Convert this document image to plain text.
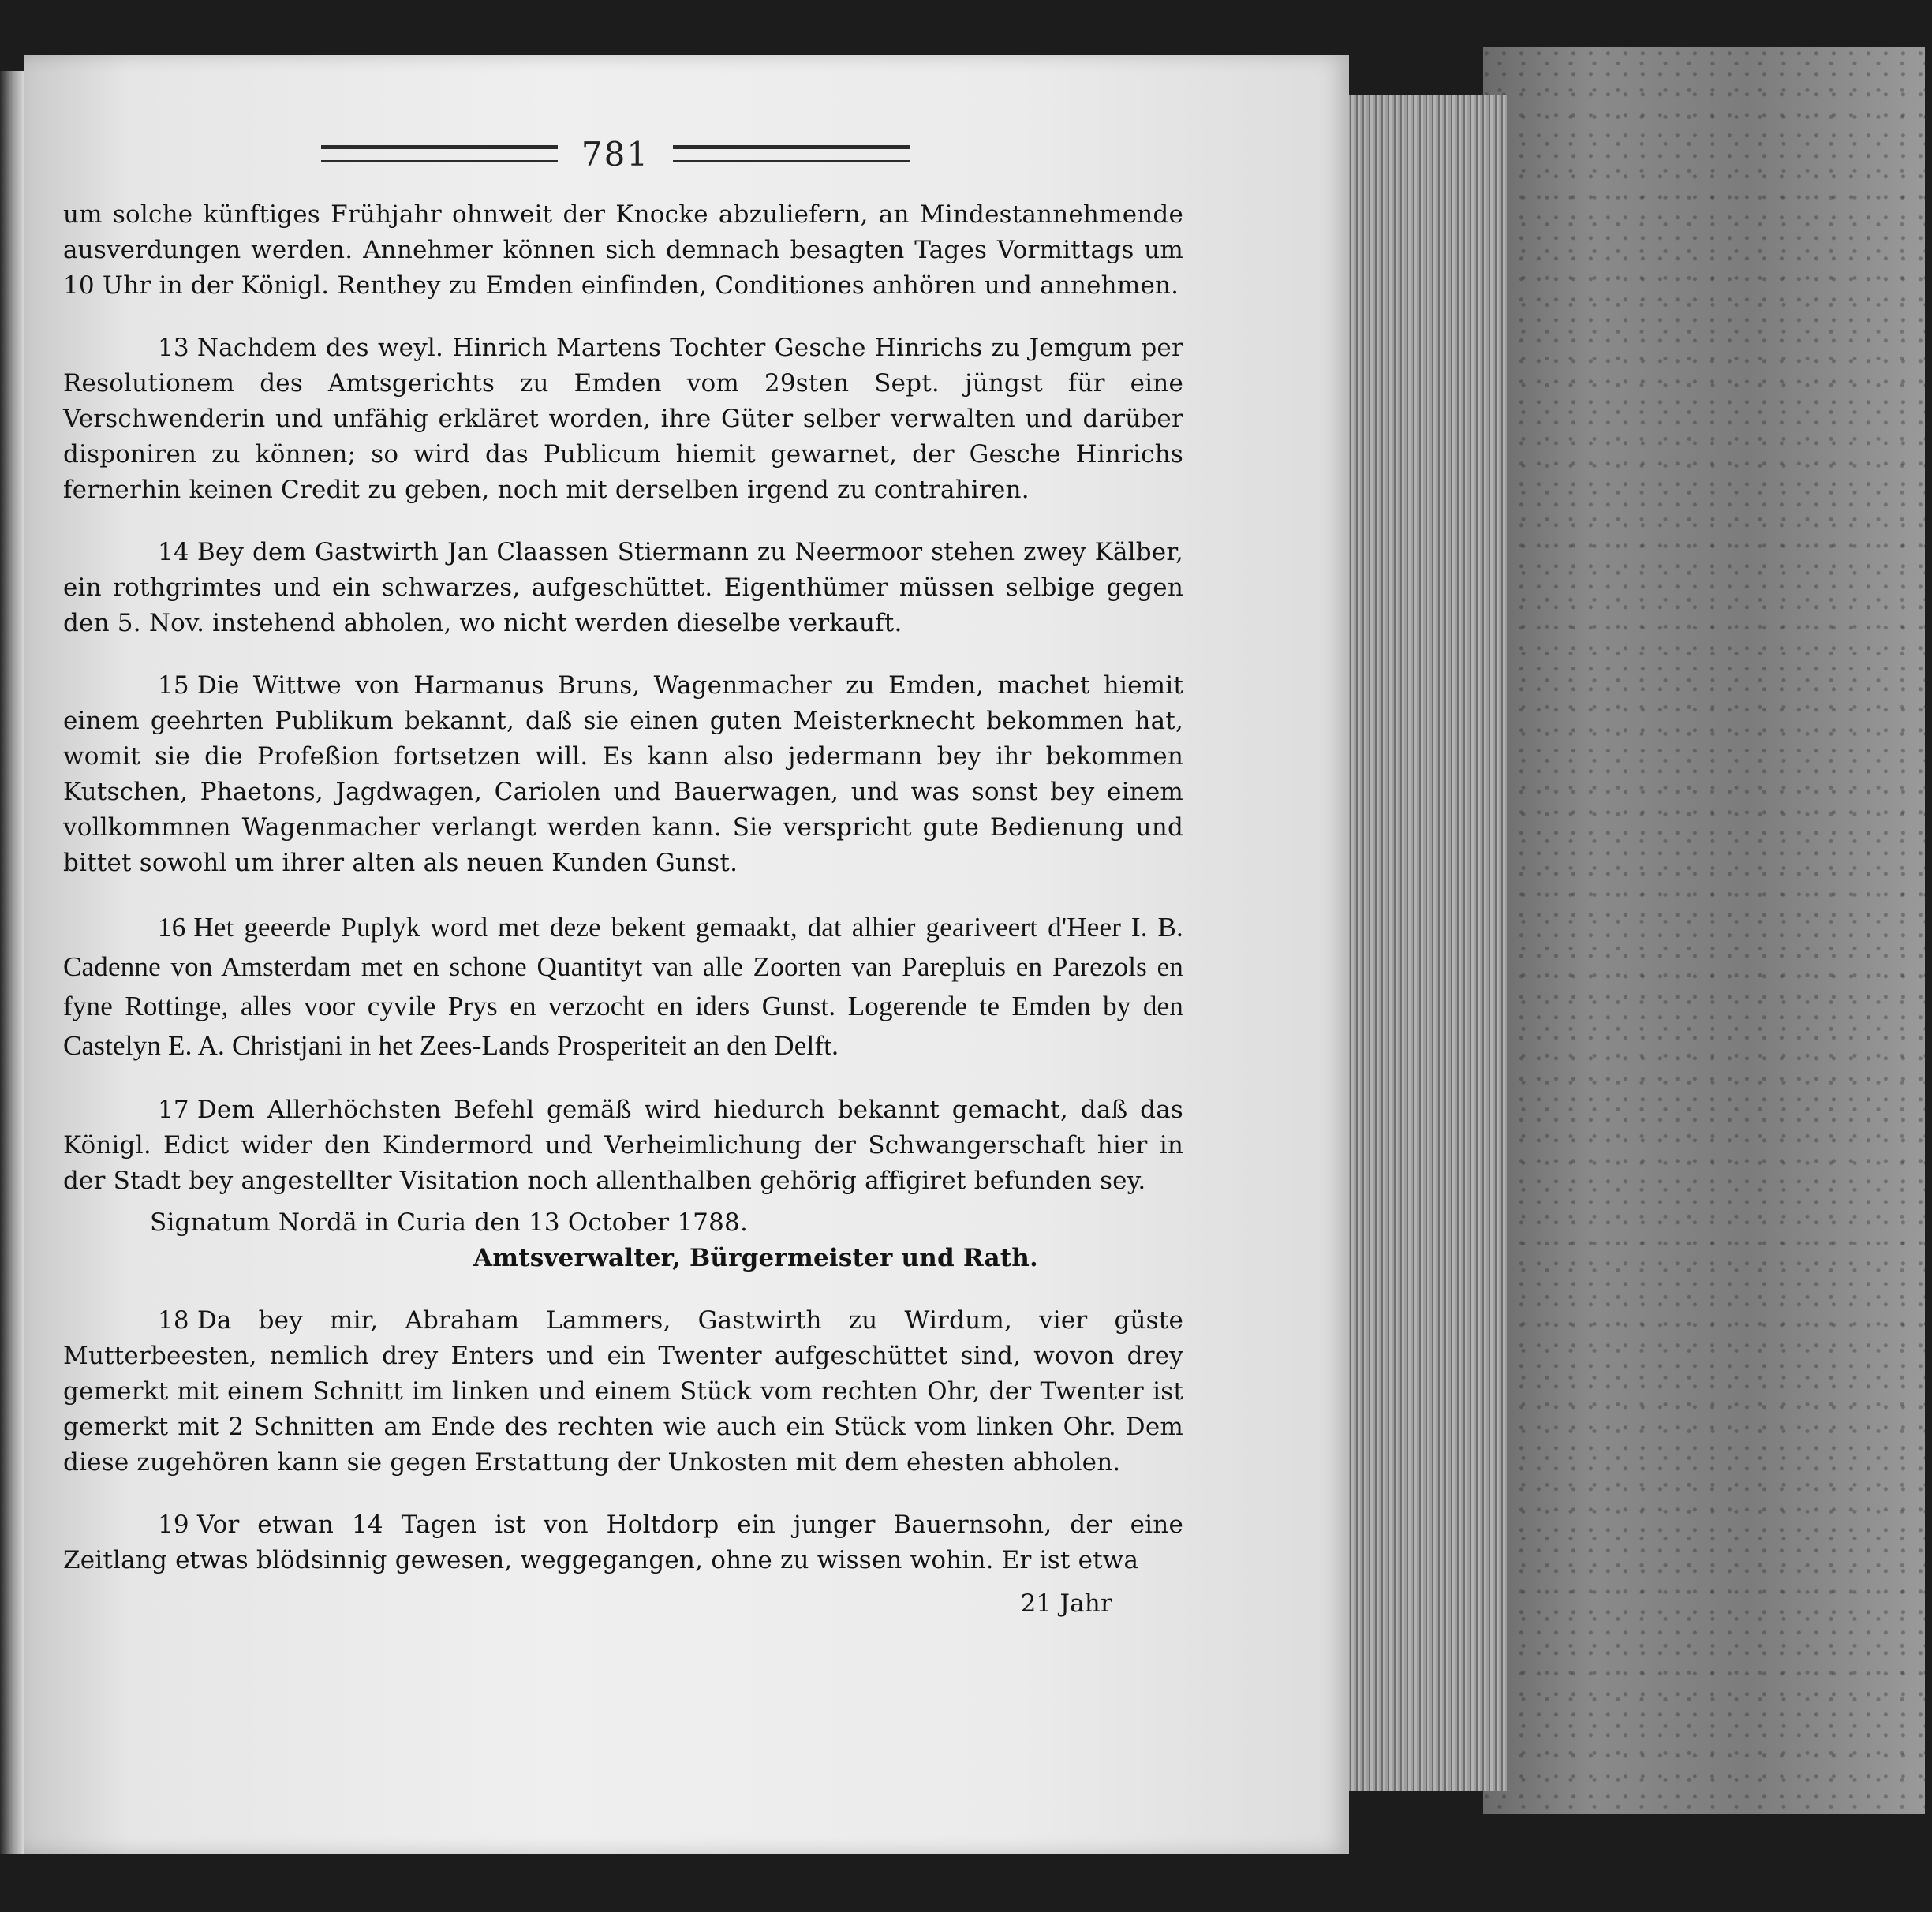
781

um solche künftiges Frühjahr ohnweit der Knocke abzuliefern, an Mindestannehmende ausverdungen werden. Annehmer können sich demnach besagten Tages Vormittags um 10 Uhr in der Königl. Renthey zu Emden einfinden, Conditiones anhören und annehmen.

13 Nachdem des weyl. Hinrich Martens Tochter Gesche Hinrichs zu Jemgum per Resolutionem des Amtsgerichts zu Emden vom 29sten Sept. jüngst für eine Verschwenderin und unfähig erkläret worden, ihre Güter selber verwalten und darüber disponiren zu können; so wird das Publicum hiemit gewarnet, der Gesche Hinrichs fernerhin keinen Credit zu geben, noch mit derselben irgend zu contrahiren.

14 Bey dem Gastwirth Jan Claassen Stiermann zu Neermoor stehen zwey Kälber, ein rothgrimtes und ein schwarzes, aufgeschüttet. Eigenthümer müssen selbige gegen den 5. Nov. instehend abholen, wo nicht werden dieselbe verkauft.

15 Die Wittwe von Harmanus Bruns, Wagenmacher zu Emden, machet hiemit einem geehrten Publikum bekannt, daß sie einen guten Meisterknecht bekommen hat, womit sie die Profeßion fortsetzen will. Es kann also jedermann bey ihr bekommen Kutschen, Phaetons, Jagdwagen, Cariolen und Bauerwagen, und was sonst bey einem vollkommnen Wagenmacher verlangt werden kann. Sie verspricht gute Bedienung und bittet sowohl um ihrer alten als neuen Kunden Gunst.

16 Het geeerde Puplyk word met deze bekent gemaakt, dat alhier geariveert d'Heer I. B. Cadenne von Amsterdam met en schone Quantityt van alle Zoorten van Parepluis en Parezols en fyne Rottinge, alles voor cyvile Prys en verzocht en iders Gunst. Logerende te Emden by den Castelyn E. A. Christjani in het Zees-Lands Prosperiteit an den Delft.

17 Dem Allerhöchsten Befehl gemäß wird hiedurch bekannt gemacht, daß das Königl. Edict wider den Kindermord und Verheimlichung der Schwangerschaft hier in der Stadt bey angestellter Visitation noch allenthalben gehörig affigiret befunden sey.

Signatum Nordä in Curia den 13 October 1788.

Amtsverwalter, Bürgermeister und Rath.

18 Da bey mir, Abraham Lammers, Gastwirth zu Wirdum, vier güste Mutterbeesten, nemlich drey Enters und ein Twenter aufgeschüttet sind, wovon drey gemerkt mit einem Schnitt im linken und einem Stück vom rechten Ohr, der Twenter ist gemerkt mit 2 Schnitten am Ende des rechten wie auch ein Stück vom linken Ohr. Dem diese zugehören kann sie gegen Erstattung der Unkosten mit dem ehesten abholen.

19 Vor etwan 14 Tagen ist von Holtdorp ein junger Bauernsohn, der eine Zeitlang etwas blödsinnig gewesen, weggegangen, ohne zu wissen wohin. Er ist etwa

21 Jahr
